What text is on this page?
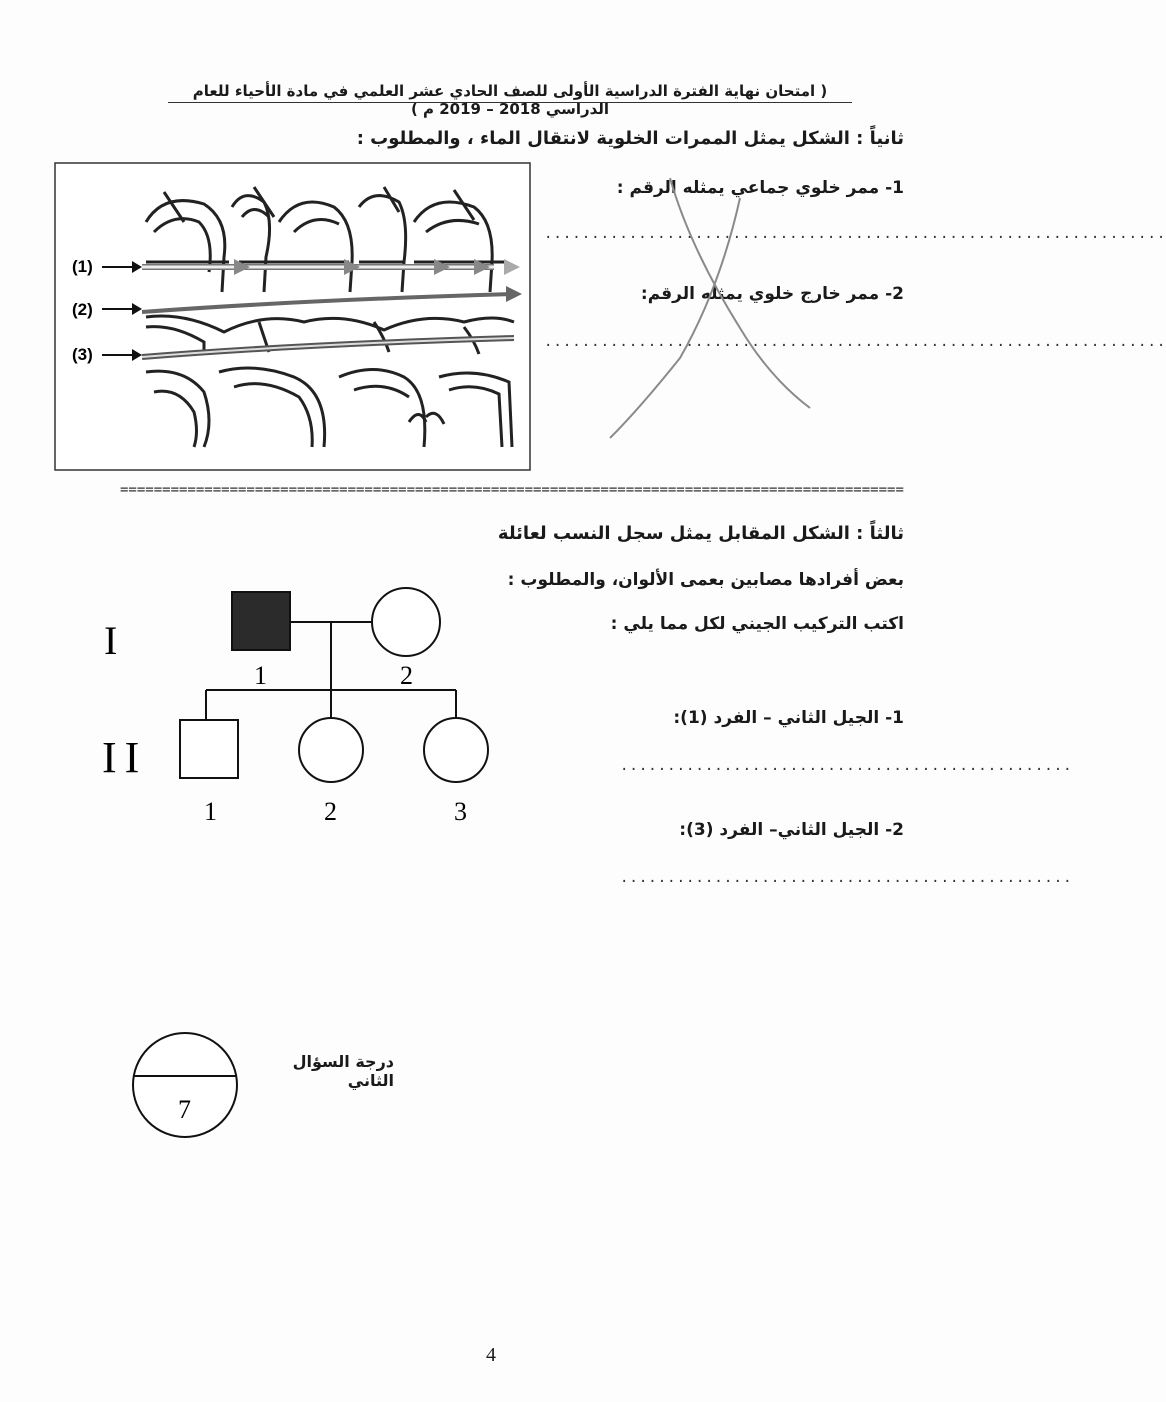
( امتحان نهاية الفترة الدراسية الأولى للصف الحادي عشر العلمي في مادة الأحياء للعام الدراسي 2018 – 2019 م )
ثانياً : الشكل يمثل الممرات الخلوية لانتقال الماء ، والمطلوب :
(1)
(2)
(3)
1- ممر خلوي جماعي يمثله الرقم :
..................................................................
2- ممر خارج خلوي يمثله الرقم:
..................................................................
=============================================================================================
ثالثاً : الشكل المقابل يمثل سجل النسب لعائلة
بعض أفرادها مصابين بعمى الألوان، والمطلوب :
اكتب التركيب الجيني لكل مما يلي :
1- الجيل الثاني – الفرد (1):
................................................
2- الجيل الثاني– الفرد (3):
................................................
I
II
1	2
1	2	3
7
درجة السؤال الثاني
4
